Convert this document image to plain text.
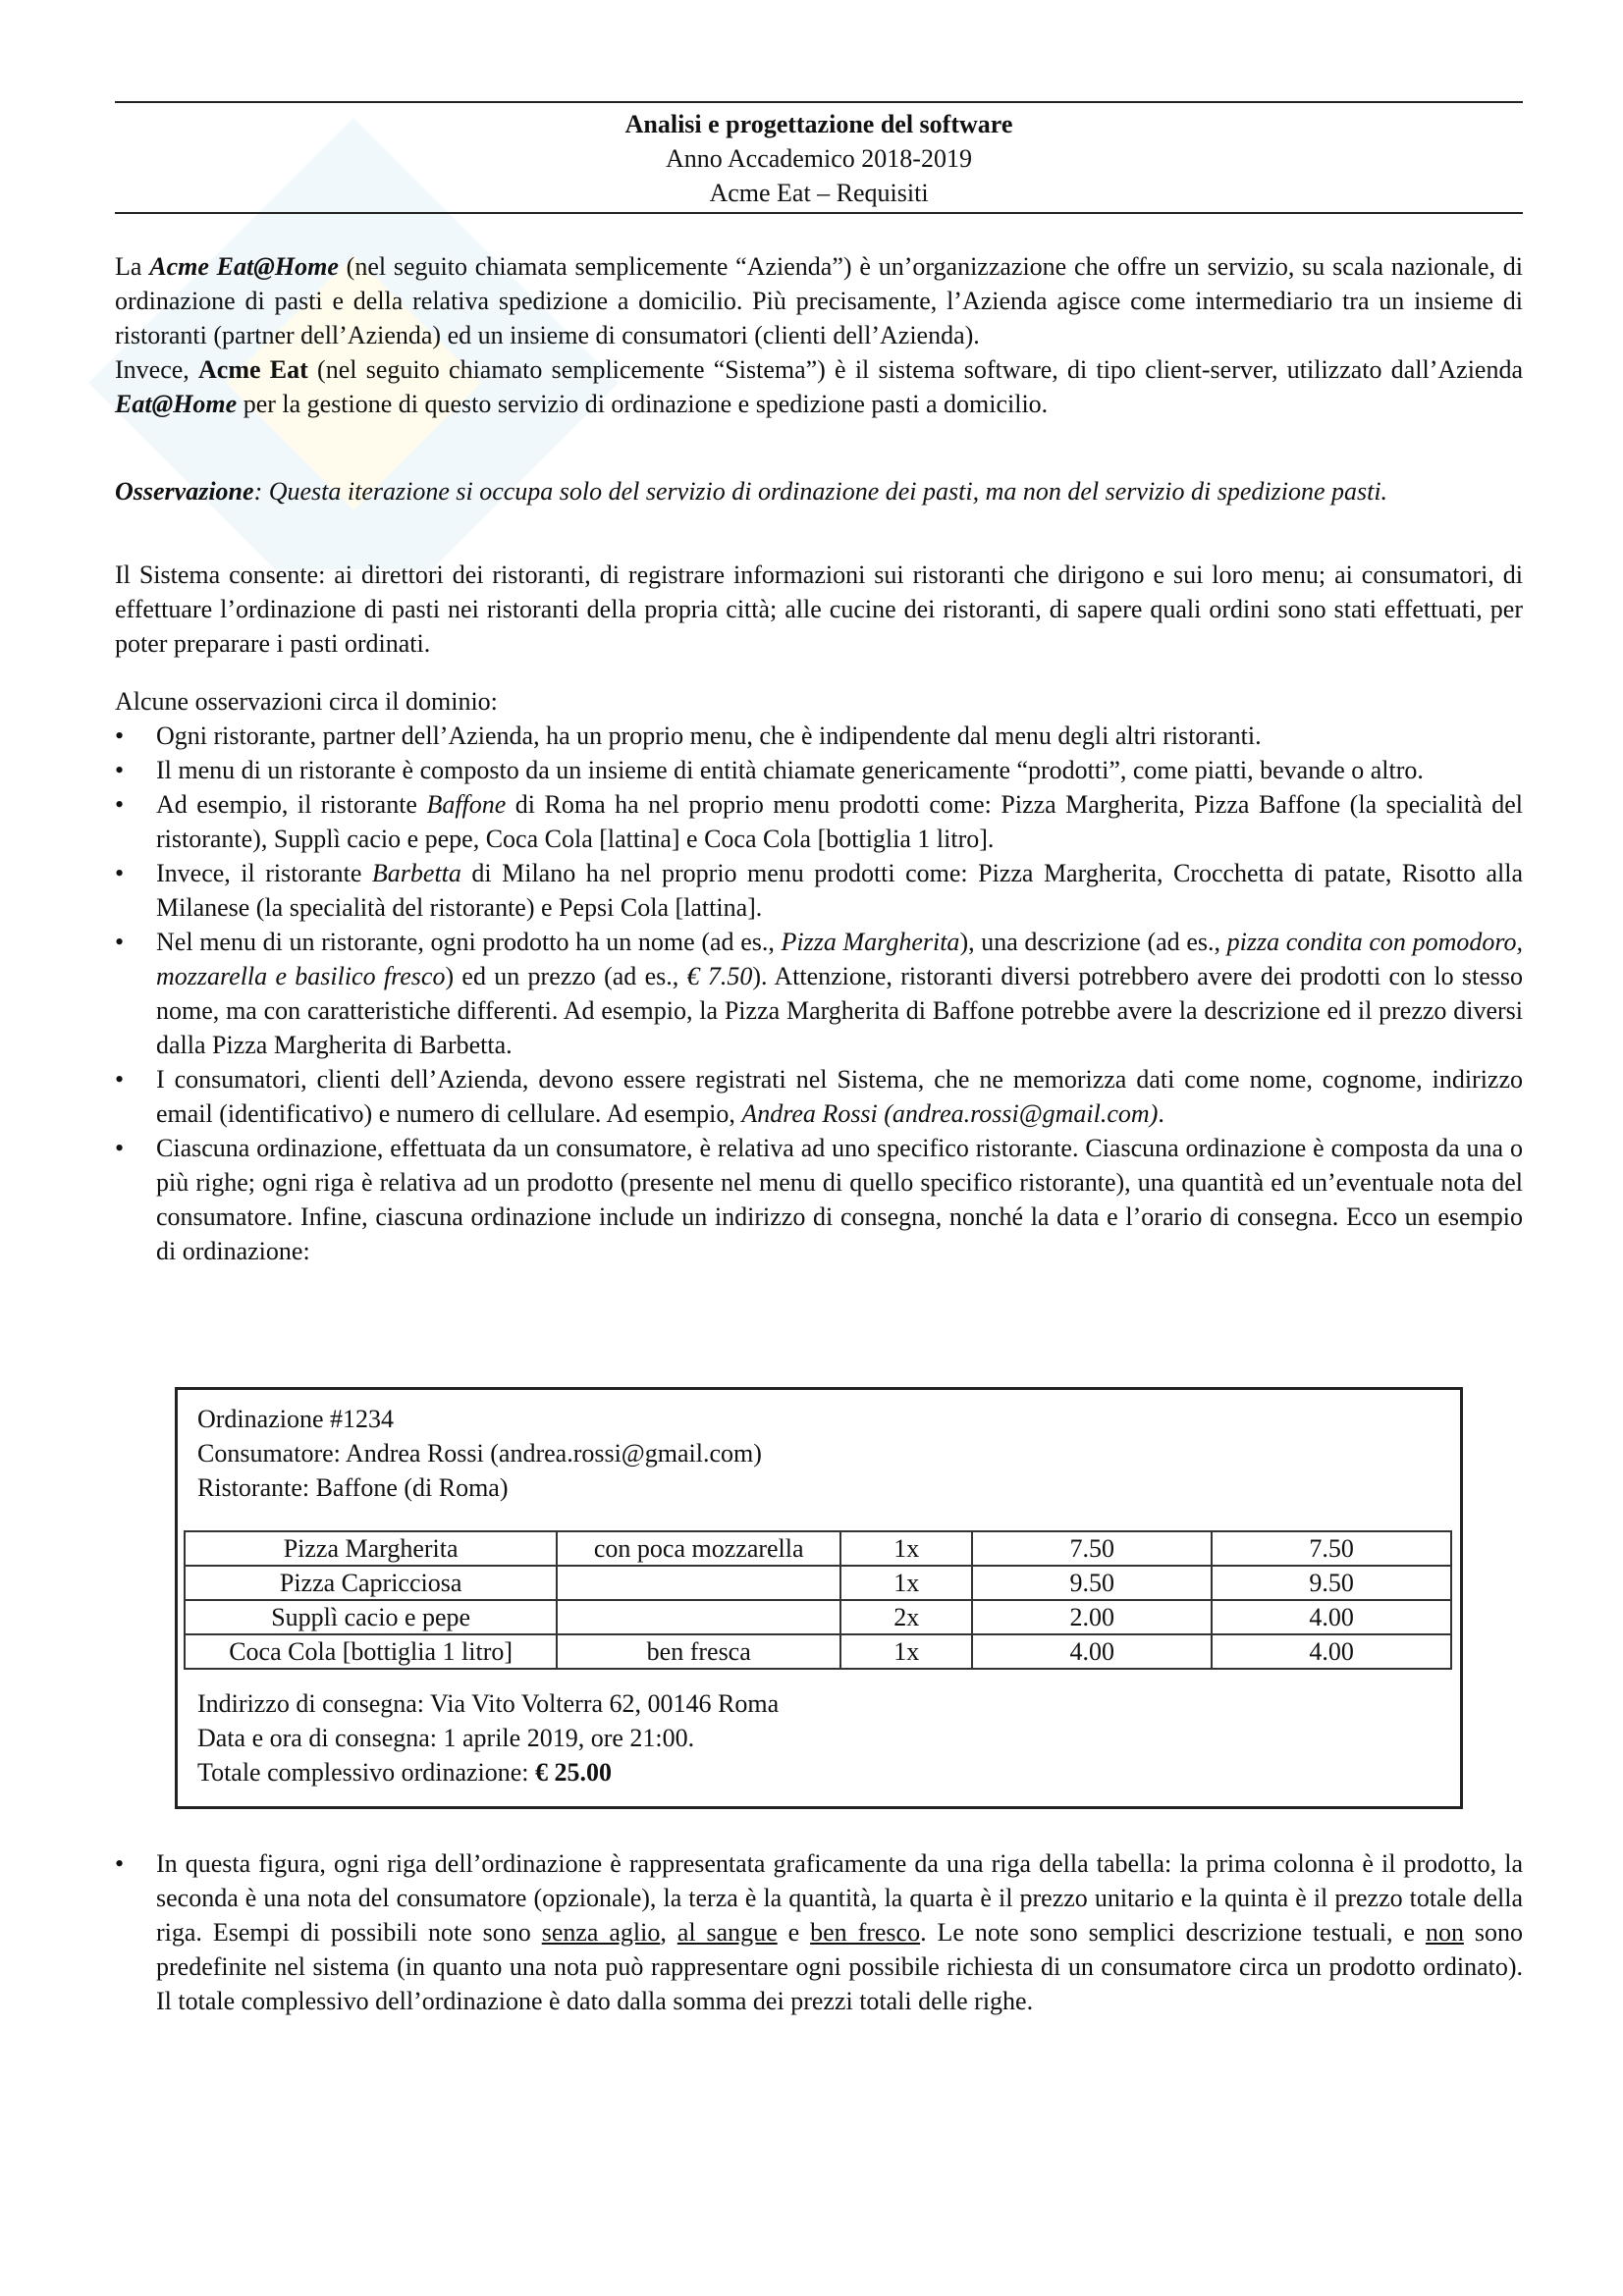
Analisi e progettazione del software
Anno Accademico 2018-2019
Acme Eat – Requisiti

La Acme Eat@Home (nel seguito chiamata semplicemente “Azienda”) è un’organizzazione che offre un servizio, su scala nazionale, di ordinazione di pasti e della relativa spedizione a domicilio. Più precisamente, l’Azienda agisce come intermediario tra un insieme di ristoranti (partner dell’Azienda) ed un insieme di consumatori (clienti dell’Azienda).

Invece, Acme Eat (nel seguito chiamato semplicemente “Sistema”) è il sistema software, di tipo client-server, utilizzato dall’Azienda Eat@Home per la gestione di questo servizio di ordinazione e spedizione pasti a domicilio.

Osservazione: Questa iterazione si occupa solo del servizio di ordinazione dei pasti, ma non del servizio di spedizione pasti.

Il Sistema consente: ai direttori dei ristoranti, di registrare informazioni sui ristoranti che dirigono e sui loro menu; ai consumatori, di effettuare l’ordinazione di pasti nei ristoranti della propria città; alle cucine dei ristoranti, di sapere quali ordini sono stati effettuati, per poter preparare i pasti ordinati.

Alcune osservazioni circa il dominio:

• Ogni ristorante, partner dell’Azienda, ha un proprio menu, che è indipendente dal menu degli altri ristoranti.
• Il menu di un ristorante è composto da un insieme di entità chiamate genericamente “prodotti”, come piatti, bevande o altro.
• Ad esempio, il ristorante Baffone di Roma ha nel proprio menu prodotti come: Pizza Margherita, Pizza Baffone (la specialità del ristorante), Supplì cacio e pepe, Coca Cola [lattina] e Coca Cola [bottiglia 1 litro].
• Invece, il ristorante Barbetta di Milano ha nel proprio menu prodotti come: Pizza Margherita, Crocchetta di patate, Risotto alla Milanese (la specialità del ristorante) e Pepsi Cola [lattina].
• Nel menu di un ristorante, ogni prodotto ha un nome (ad es., Pizza Margherita), una descrizione (ad es., pizza condita con pomodoro, mozzarella e basilico fresco) ed un prezzo (ad es., € 7.50). Attenzione, ristoranti diversi potrebbero avere dei prodotti con lo stesso nome, ma con caratteristiche differenti. Ad esempio, la Pizza Margherita di Baffone potrebbe avere la descrizione ed il prezzo diversi dalla Pizza Margherita di Barbetta.
• I consumatori, clienti dell’Azienda, devono essere registrati nel Sistema, che ne memorizza dati come nome, cognome, indirizzo email (identificativo) e numero di cellulare. Ad esempio, Andrea Rossi (andrea.rossi@gmail.com).
• Ciascuna ordinazione, effettuata da un consumatore, è relativa ad uno specifico ristorante. Ciascuna ordinazione è composta da una o più righe; ogni riga è relativa ad un prodotto (presente nel menu di quello specifico ristorante), una quantità ed un’eventuale nota del consumatore. Infine, ciascuna ordinazione include un indirizzo di consegna, nonché la data e l’orario di consegna. Ecco un esempio di ordinazione:
Ordinazione #1234
Consumatore: Andrea Rossi (andrea.rossi@gmail.com)
Ristorante: Baffone (di Roma)
Pizza Margherita	con poca mozzarella	1x	7.50	7.50
Pizza Capricciosa		1x	9.50	9.50
Supplì cacio e pepe		2x	2.00	4.00
Coca Cola [bottiglia 1 litro]	ben fresca	1x	4.00	4.00
Indirizzo di consegna: Via Vito Volterra 62, 00146 Roma
Data e ora di consegna: 1 aprile 2019, ore 21:00.
Totale complessivo ordinazione: € 25.00
• In questa figura, ogni riga dell’ordinazione è rappresentata graficamente da una riga della tabella: la prima colonna è il prodotto, la seconda è una nota del consumatore (opzionale), la terza è la quantità, la quarta è il prezzo unitario e la quinta è il prezzo totale della riga. Esempi di possibili note sono senza aglio, al sangue e ben fresco. Le note sono semplici descrizione testuali, e non sono predefinite nel sistema (in quanto una nota può rappresentare ogni possibile richiesta di un consumatore circa un prodotto ordinato). Il totale complessivo dell’ordinazione è dato dalla somma dei prezzi totali delle righe.
